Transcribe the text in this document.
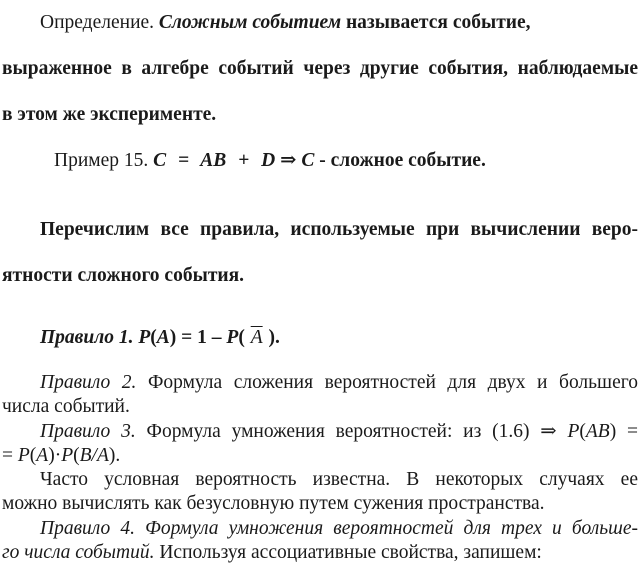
Определение. Сложным событием называется событие,
выраженное в алгебре событий через другие события, наблюдаемые
в этом же эксперименте.
Пример 15. C = AB + D ⇒ C - сложное событие.
Перечислим все правила, используемые при вычислении веро-
ятности сложного события.
Правило 1. P(A) = 1 – P( $\overline{A}$ ).
Правило 2. Формула сложения вероятностей для двух и большего
числа событий.
Правило 3. Формула умножения вероятностей: из (1.6) ⇒ P(AB) =
= P(A)·P(B/A).
Часто условная вероятность известна. В некоторых случаях ее
можно вычислять как безусловную путем сужения пространства.
Правило 4. Формула умножения вероятностей для трех и больше-
го числа событий. Используя ассоциативные свойства, запишем:
